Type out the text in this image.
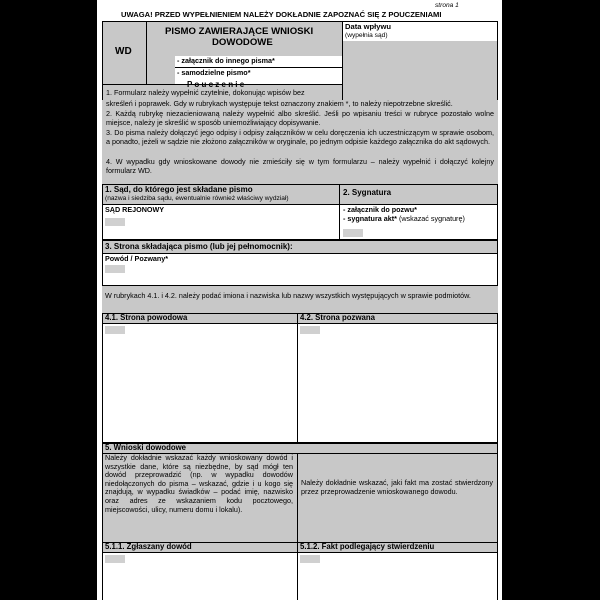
strona 1
UWAGA! PRZED WYPEŁNIENIEM NALEŻY DOKŁADNIE ZAPOZNAĆ SIĘ Z POUCZENIAMI
WD
PISMO ZAWIERAJĄCE WNIOSKI
DOWODOWE
- załącznik do innego pisma*
- samodzielne pismo*
Data wpływu
(wypełnia sąd)
P o u c z e n i e
1. Formularz należy wypełnić czytelnie, dokonując wpisów bez
skreśleń i poprawek. Gdy w rubrykach występuje tekst oznaczony znakiem *, to należy niepotrzebne skreślić.
2. Każdą rubrykę niezacieniowaną należy wypełnić albo skreślić. Jeśli po wpisaniu treści w rubryce pozostało wolne miejsce, należy je skreślić w sposób uniemożliwiający dopisywanie.
3. Do pisma należy dołączyć jego odpisy i odpisy załączników w celu doręczenia ich uczestniczącym w sprawie osobom, a ponadto, jeżeli w sądzie nie złożono załączników w oryginale, po jednym odpisie każdego załącznika do akt sądowych.
4. W wypadku gdy wnioskowane dowody nie zmieściły się w tym formularzu – należy wypełnić i dołączyć kolejny formularz WD.
1. Sąd, do którego jest składane pismo
(nazwa i siedziba sądu, ewentualnie również właściwy wydział)
SĄD REJONOWY
2. Sygnatura
- załącznik do pozwu*
- sygnatura akt* (wskazać sygnaturę)
3. Strona składająca pismo (lub jej pełnomocnik):
Powód / Pozwany*
W rubrykach 4.1. i 4.2. należy podać imiona i nazwiska lub nazwy wszystkich występujących w sprawie podmiotów.
4.1. Strona powodowa	4.2. Strona pozwana
5. Wnioski dowodowe
Należy dokładnie wskazać każdy wnioskowany dowód i wszystkie dane, które są niezbędne, by sąd mógł ten dowód przeprowadzić (np. w wypadku dowodów niedołączonych do pisma – wskazać, gdzie i u kogo się znajdują, w wypadku świadków – podać imię, nazwisko oraz adres ze wskazaniem kodu pocztowego, miejscowości, ulicy, numeru domu i lokalu).
Należy dokładnie wskazać, jaki fakt ma zostać stwierdzony przez przeprowadzenie wnioskowanego dowodu.
5.1.1. Zgłaszany dowód	5.1.2. Fakt podlegający stwierdzeniu
